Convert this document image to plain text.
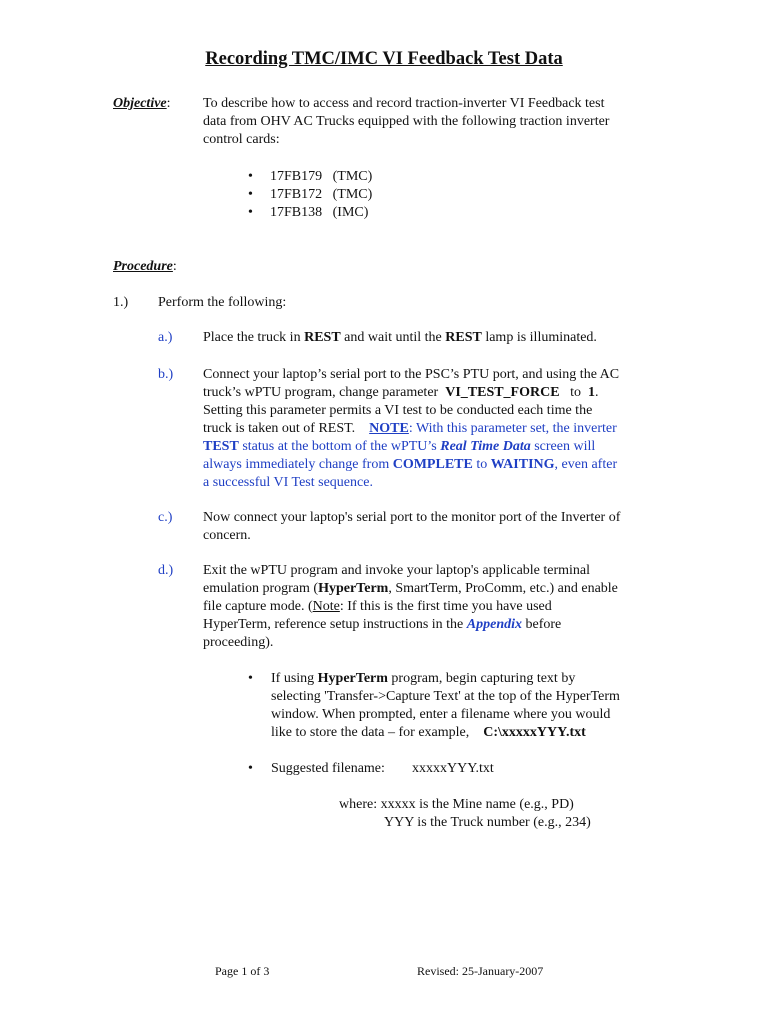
Recording TMC/IMC VI Feedback Test Data
Objective: To describe how to access and record traction-inverter VI Feedback test
data from OHV AC Trucks equipped with the following traction inverter
control cards:
• 17FB179 (TMC)
• 17FB172 (TMC)
• 17FB138 (IMC)
Procedure:
1.) Perform the following:
a.) Place the truck in REST and wait until the REST lamp is illuminated.
b.) Connect your laptop’s serial port to the PSC’s PTU port, and using the AC
truck’s wPTU program, change parameter VI_TEST_FORCE to 1.
Setting this parameter permits a VI test to be conducted each time the
truck is taken out of REST. NOTE: With this parameter set, the inverter
TEST status at the bottom of the wPTU’s Real Time Data screen will
always immediately change from COMPLETE to WAITING, even after
a successful VI Test sequence.
c.) Now connect your laptop's serial port to the monitor port of the Inverter of
concern.
d.) Exit the wPTU program and invoke your laptop's applicable terminal
emulation program (HyperTerm, SmartTerm, ProComm, etc.) and enable
file capture mode. (Note: If this is the first time you have used
HyperTerm, reference setup instructions in the Appendix before
proceeding).
• If using HyperTerm program, begin capturing text by
selecting 'Transfer->Capture Text' at the top of the HyperTerm
window. When prompted, enter a filename where you would
like to store the data – for example, C:\xxxxxYYY.txt
• Suggested filename: xxxxxYYY.txt
where: xxxxx is the Mine name (e.g., PD)
YYY is the Truck number (e.g., 234)
Page 1 of 3	Revised: 25-January-2007
